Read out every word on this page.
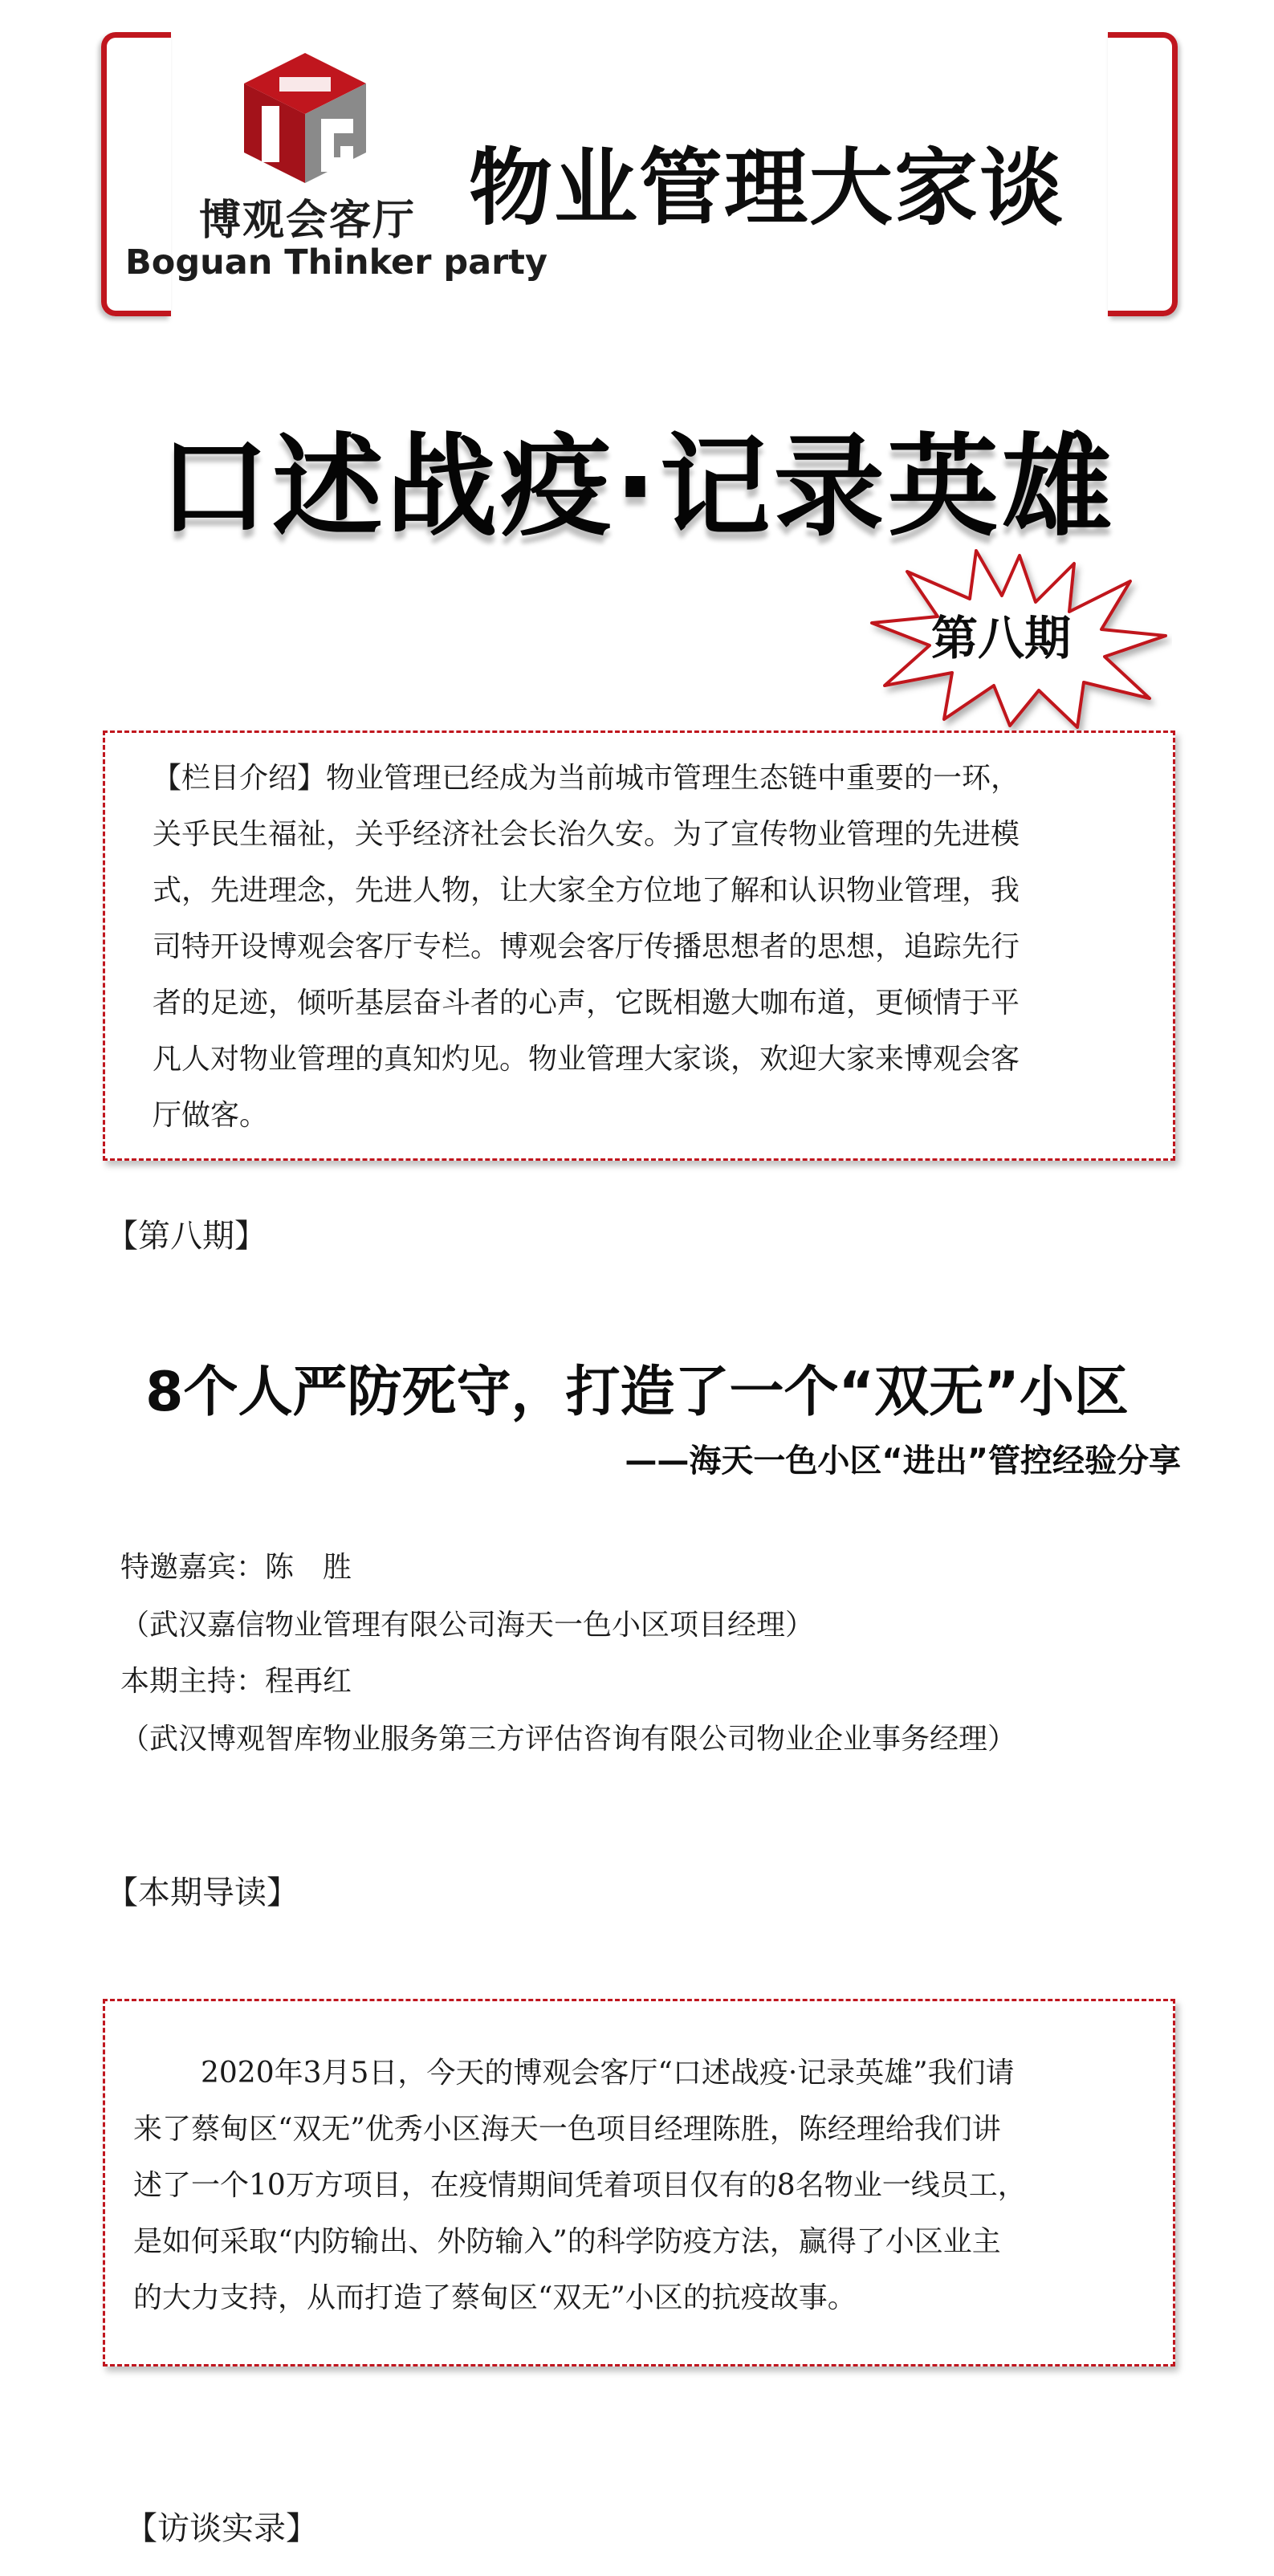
博观会客厅
Boguan Thinker party
物业管理大家谈
口述战疫·记录英雄
第八期

【栏目介绍】物业管理已经成为当前城市管理生态链中重要的一环，

关乎民生福祉，关乎经济社会长治久安。为了宣传物业管理的先进模

式，先进理念，先进人物，让大家全方位地了解和认识物业管理，我

司特开设博观会客厅专栏。博观会客厅传播思想者的思想，追踪先行

者的足迹，倾听基层奋斗者的心声，它既相邀大咖布道，更倾情于平

凡人对物业管理的真知灼见。物业管理大家谈，欢迎大家来博观会客

厅做客。

【第八期】
8个人严防死守，打造了一个“双无”小区
——海天一色小区“进出”管控经验分享
特邀嘉宾：陈　胜
（武汉嘉信物业管理有限公司海天一色小区项目经理）
本期主持：程再红
（武汉博观智库物业服务第三方评估咨询有限公司物业企业事务经理）
【本期导读】

2020年3月5日，今天的博观会客厅“口述战疫·记录英雄”我们请

来了蔡甸区“双无”优秀小区海天一色项目经理陈胜，陈经理给我们讲

述了一个10万方项目，在疫情期间凭着项目仅有的8名物业一线员工，

是如何采取“内防输出、外防输入”的科学防疫方法，赢得了小区业主

的大力支持，从而打造了蔡甸区“双无”小区的抗疫故事。

【访谈实录】
